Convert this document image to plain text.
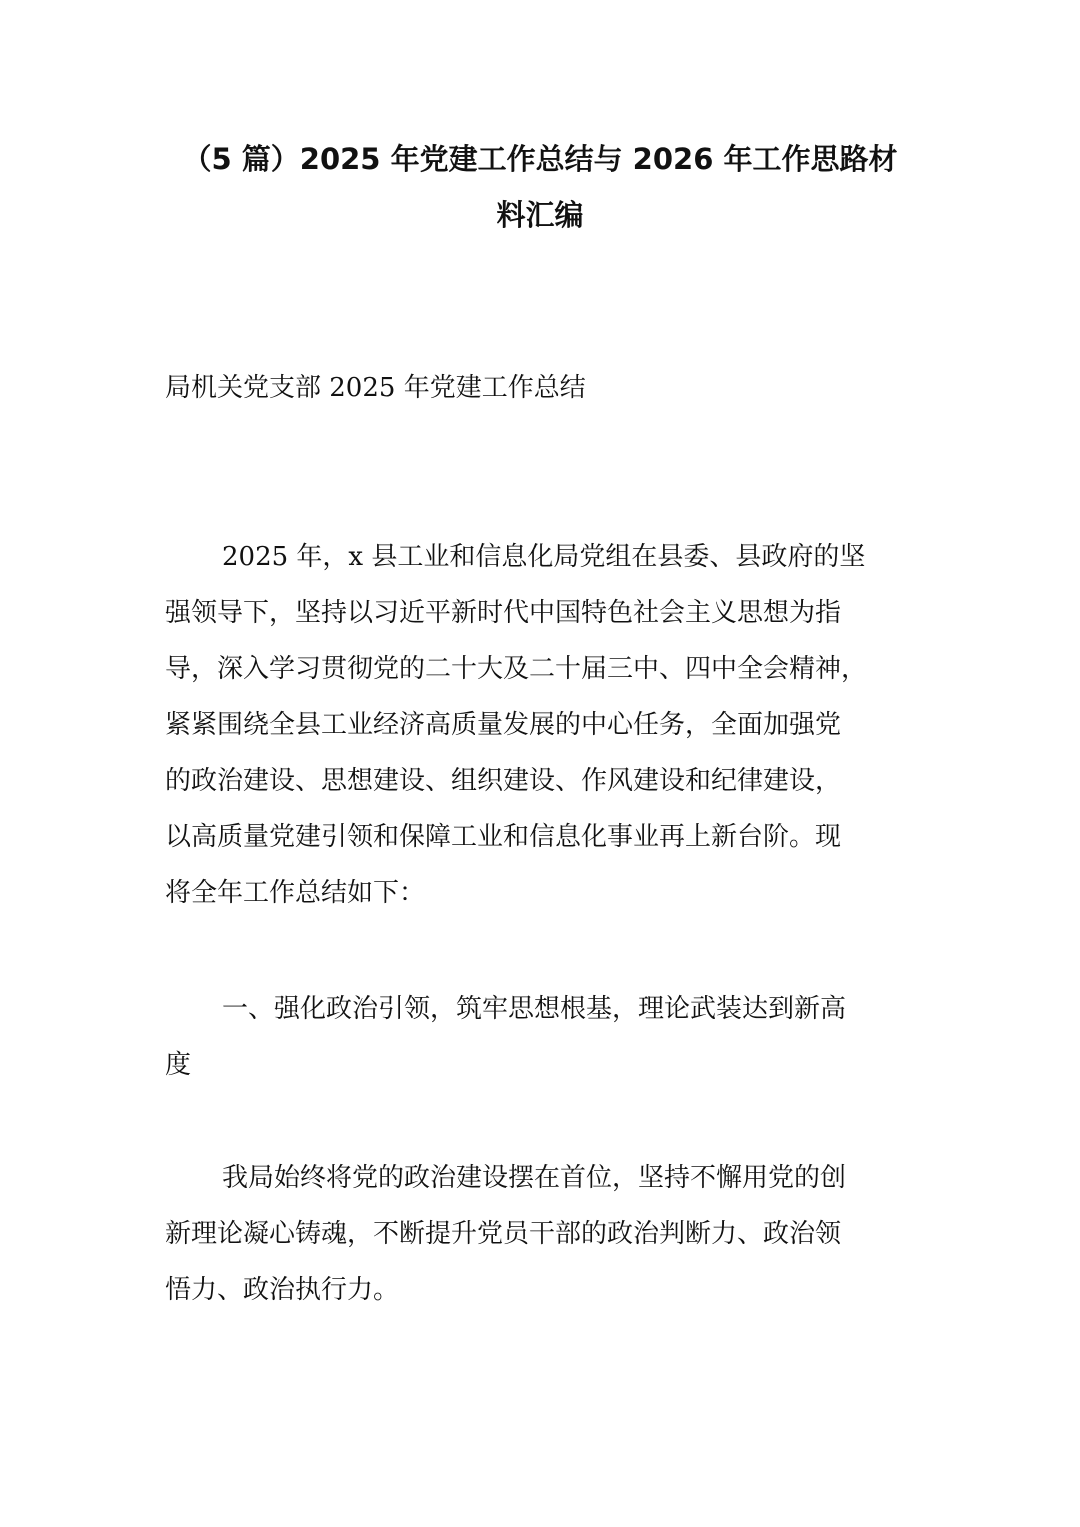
（5 篇）2025 年党建工作总结与 2026 年工作思路材
料汇编

局机关党支部 2025 年党建工作总结

2025 年，x 县工业和信息化局党组在县委、县政府的坚
强领导下，坚持以习近平新时代中国特色社会主义思想为指
导，深入学习贯彻党的二十大及二十届三中、四中全会精神，
紧紧围绕全县工业经济高质量发展的中心任务，全面加强党
的政治建设、思想建设、组织建设、作风建设和纪律建设，
以高质量党建引领和保障工业和信息化事业再上新台阶。现
将全年工作总结如下：

一、强化政治引领，筑牢思想根基，理论武装达到新高
度

我局始终将党的政治建设摆在首位，坚持不懈用党的创
新理论凝心铸魂，不断提升党员干部的政治判断力、政治领
悟力、政治执行力。
